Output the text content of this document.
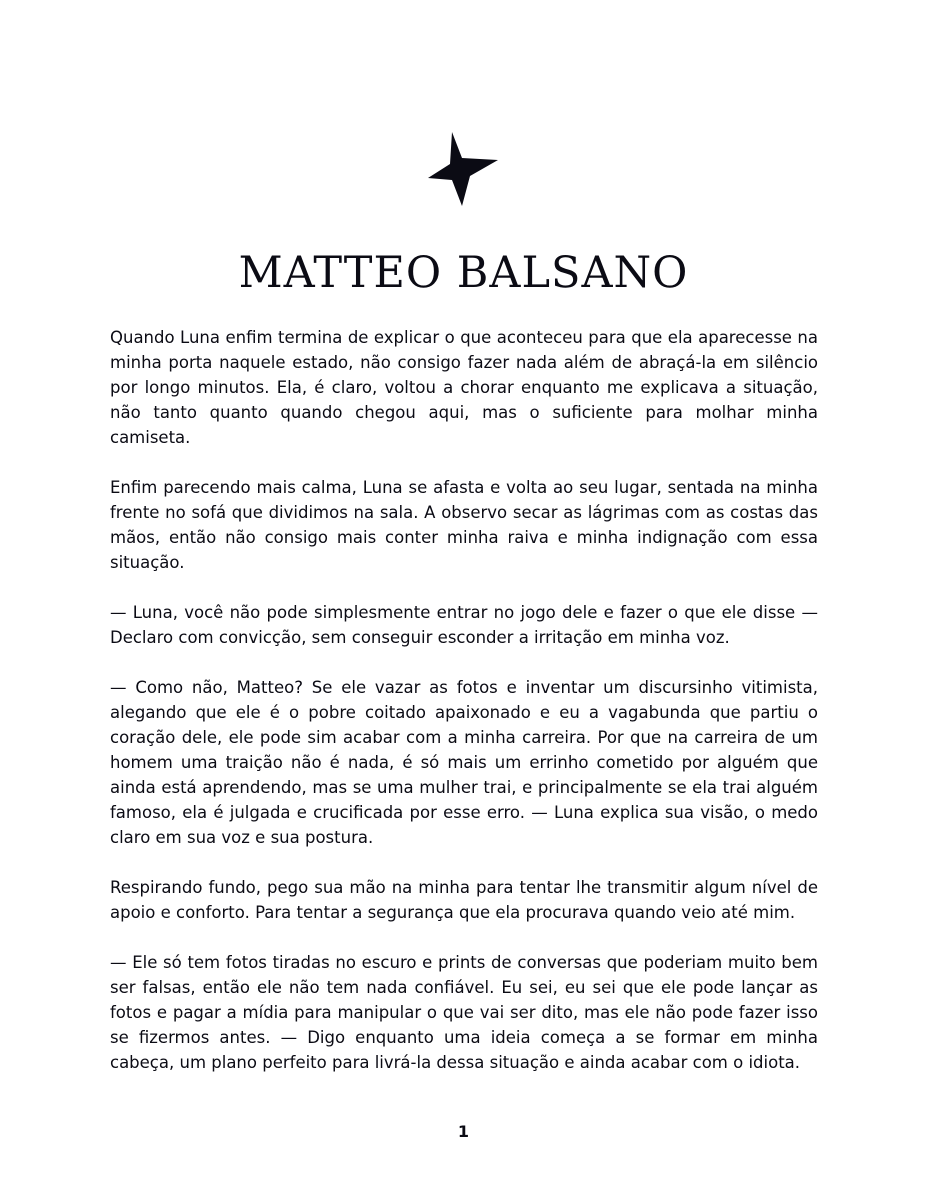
MATTEO BALSANO

Quando Luna enfim termina de explicar o que aconteceu para que ela aparecesse na minha porta naquele estado, não consigo fazer nada além de abraçá-la em silêncio por longo minutos. Ela, é claro, voltou a chorar enquanto me explicava a situação, não tanto quanto quando chegou aqui, mas o suficiente para molhar minha camiseta.

Enfim parecendo mais calma, Luna se afasta e volta ao seu lugar, sentada na minha frente no sofá que dividimos na sala. A observo secar as lágrimas com as costas das mãos, então não consigo mais conter minha raiva e minha indignação com essa situação.

— Luna, você não pode simplesmente entrar no jogo dele e fazer o que ele disse — Declaro com convicção, sem conseguir esconder a irritação em minha voz.

— Como não, Matteo? Se ele vazar as fotos e inventar um discursinho vitimista, alegando que ele é o pobre coitado apaixonado e eu a vagabunda que partiu o coração dele, ele pode sim acabar com a minha carreira. Por que na carreira de um homem uma traição não é nada, é só mais um errinho cometido por alguém que ainda está aprendendo, mas se uma mulher trai, e principalmente se ela trai alguém famoso, ela é julgada e crucificada por esse erro. — Luna explica sua visão, o medo claro em sua voz e sua postura.

Respirando fundo, pego sua mão na minha para tentar lhe transmitir algum nível de apoio e conforto. Para tentar a segurança que ela procurava quando veio até mim.

— Ele só tem fotos tiradas no escuro e prints de conversas que poderiam muito bem ser falsas, então ele não tem nada confiável. Eu sei, eu sei que ele pode lançar as fotos e pagar a mídia para manipular o que vai ser dito, mas ele não pode fazer isso se fizermos antes. — Digo enquanto uma ideia começa a se formar em minha cabeça, um plano perfeito para livrá-la dessa situação e ainda acabar com o idiota.

1
